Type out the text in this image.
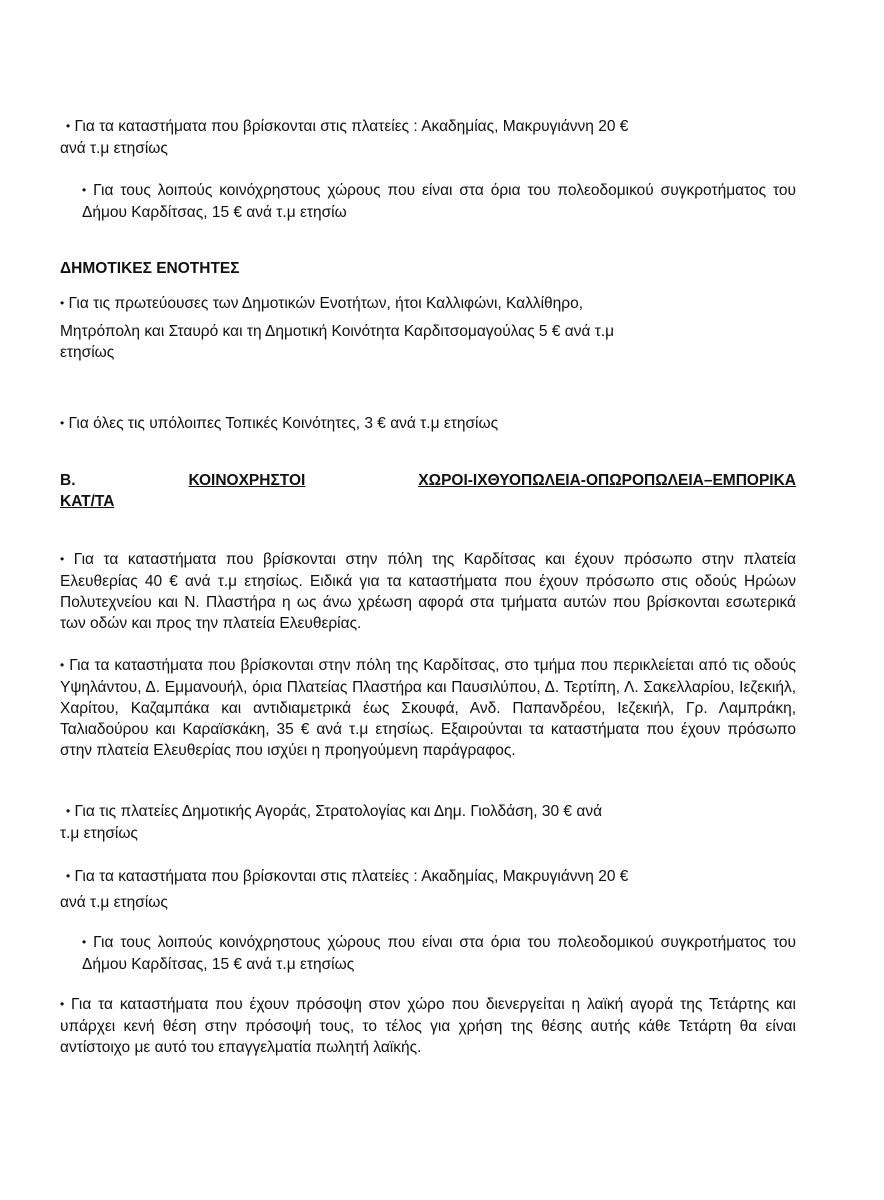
• Για τα καταστήματα που βρίσκονται στις πλατείες : Ακαδημίας, Μακρυγιάννη 20 €

ανά τ.μ ετησίως

• Για τους λοιπούς κοινόχρηστους χώρους που είναι στα όρια του πολεοδομικού συγκροτήματος του Δήμου Καρδίτσας, 15 € ανά τ.μ ετησίω

ΔΗΜΟΤΙΚΕΣ ΕΝΟΤΗΤΕΣ

• Για τις πρωτεύουσες των Δημοτικών Ενοτήτων, ήτοι Καλλιφώνι, Καλλίθηρο,

Μητρόπολη και Σταυρό και τη Δημοτική Κοινότητα Καρδιτσομαγούλας 5 € ανά τ.μ

ετησίως

• Για όλες τις υπόλοιπες Τοπικές Κοινότητες, 3 € ανά τ.μ ετησίως

Β.	ΚΟΙΝΟΧΡΗΣΤΟΙ	ΧΩΡΟΙ-ΙΧΘΥΟΠΩΛΕΙΑ-ΟΠΩΡΟΠΩΛΕΙΑ–ΕΜΠΟΡΙΚΑ
ΚΑΤ/ΤΑ

• Για τα καταστήματα που βρίσκονται στην πόλη της Καρδίτσας και έχουν πρόσωπο στην πλατεία Ελευθερίας 40 € ανά τ.μ ετησίως. Ειδικά για τα καταστήματα που έχουν πρόσωπο στις οδούς Ηρώων Πολυτεχνείου και Ν. Πλαστήρα η ως άνω χρέωση αφορά στα τμήματα αυτών που βρίσκονται εσωτερικά των οδών και προς την πλατεία Ελευθερίας.

• Για τα καταστήματα που βρίσκονται στην πόλη της Καρδίτσας, στο τμήμα που περικλείεται από τις οδούς Υψηλάντου, Δ. Εμμανουήλ, όρια Πλατείας Πλαστήρα και Παυσιλύπου, Δ. Τερτίπη, Λ. Σακελλαρίου, Ιεζεκιήλ, Χαρίτου, Καζαμπάκα και αντιδιαμετρικά έως Σκουφά, Ανδ. Παπανδρέου, Ιεζεκιήλ, Γρ. Λαμπράκη, Ταλιαδούρου και Καραϊσκάκη, 35 € ανά τ.μ ετησίως. Εξαιρούνται τα καταστήματα που έχουν πρόσωπο στην πλατεία Ελευθερίας που ισχύει η προηγούμενη παράγραφος.

• Για τις πλατείες Δημοτικής Αγοράς, Στρατολογίας και Δημ. Γιολδάση, 30 € ανά

τ.μ ετησίως

• Για τα καταστήματα που βρίσκονται στις πλατείες : Ακαδημίας, Μακρυγιάννη 20 €

ανά τ.μ ετησίως

• Για τους λοιπούς κοινόχρηστους χώρους που είναι στα όρια του πολεοδομικού συγκροτήματος του Δήμου Καρδίτσας, 15 € ανά τ.μ ετησίως

• Για τα καταστήματα που έχουν πρόσοψη στον χώρο που διενεργείται η λαϊκή αγορά της Τετάρτης και υπάρχει κενή θέση στην πρόσοψή τους, το τέλος για χρήση της θέσης αυτής κάθε Τετάρτη θα είναι αντίστοιχο με αυτό του επαγγελματία πωλητή λαϊκής.
